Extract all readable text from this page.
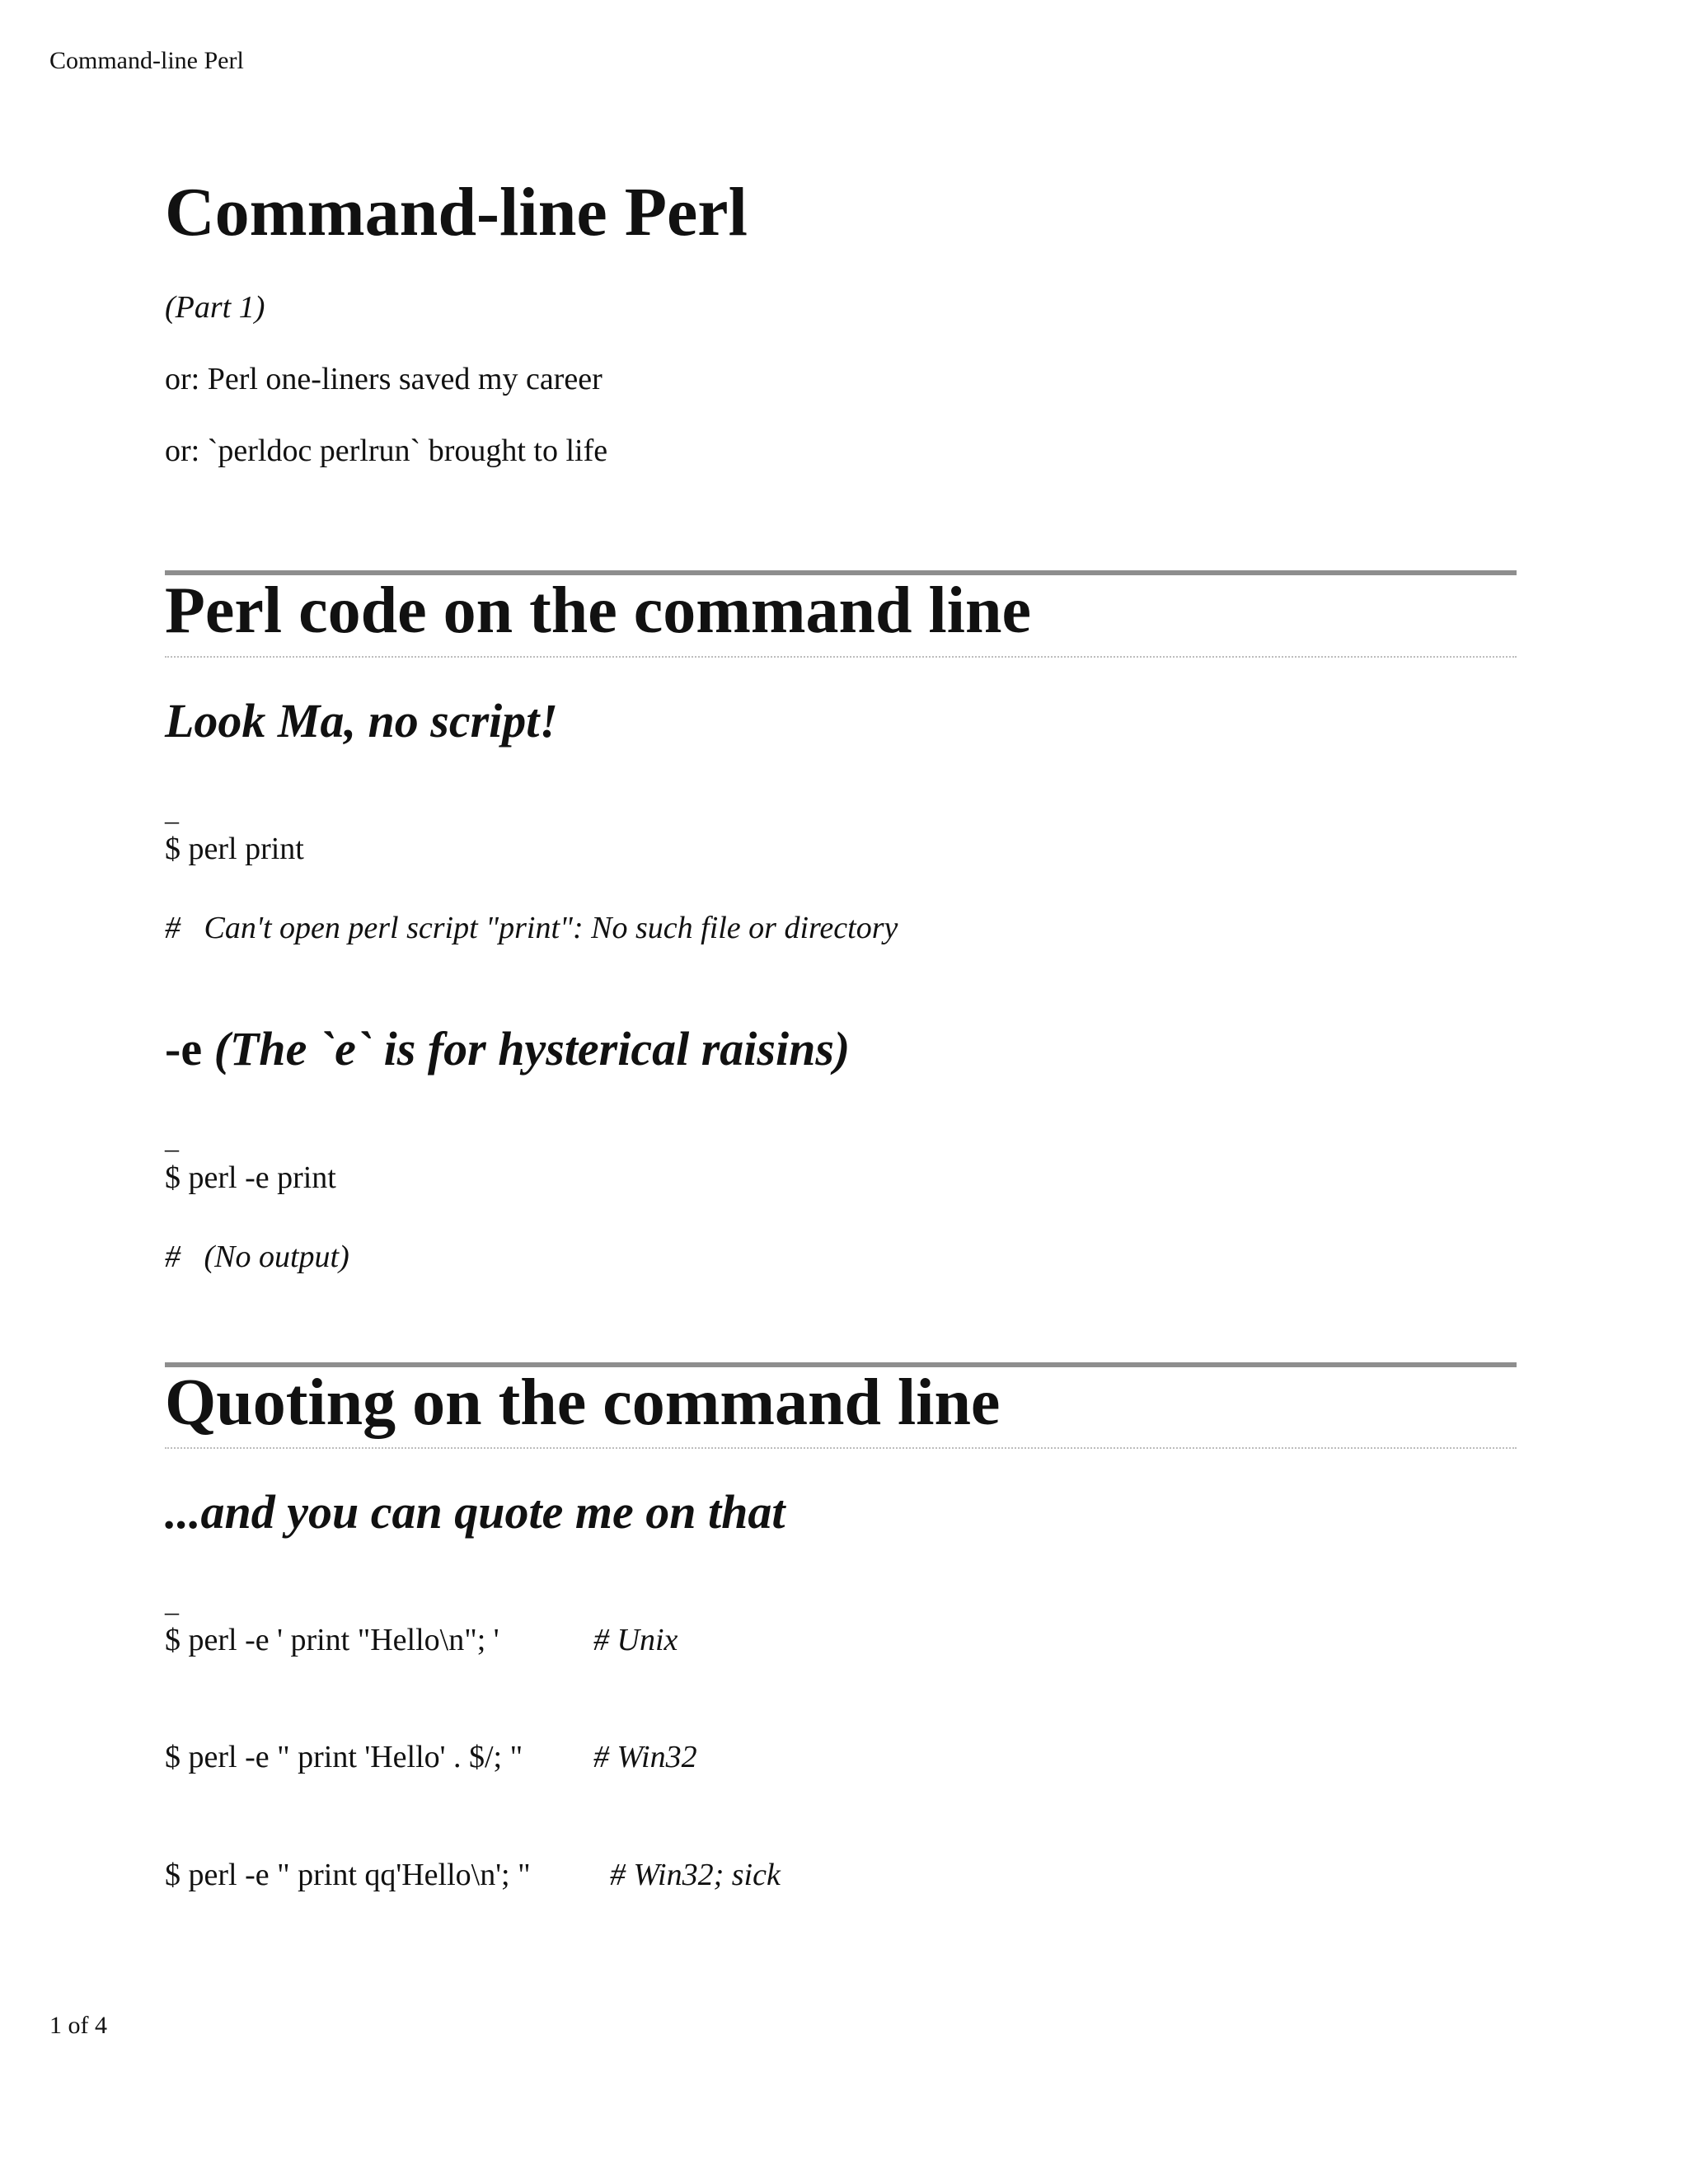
Command-line Perl
Command-line Perl

(Part 1)

or: Perl one-liners saved my career

or: `perldoc perlrun` brought to life

Perl code on the command line
Look Ma, no script!
_
$ perl print
#   Can't open perl script "print": No such file or directory
-e (The `e` is for hysterical raisins)
_
$ perl -e print
#   (No output)
Quoting on the command line
...and you can quote me on that
_
$ perl -e ' print "Hello\n"; '	# Unix
$ perl -e " print 'Hello' . $/; " # Win32
$ perl -e " print qq'Hello\n'; "	# Win32; sick
1 of 4
